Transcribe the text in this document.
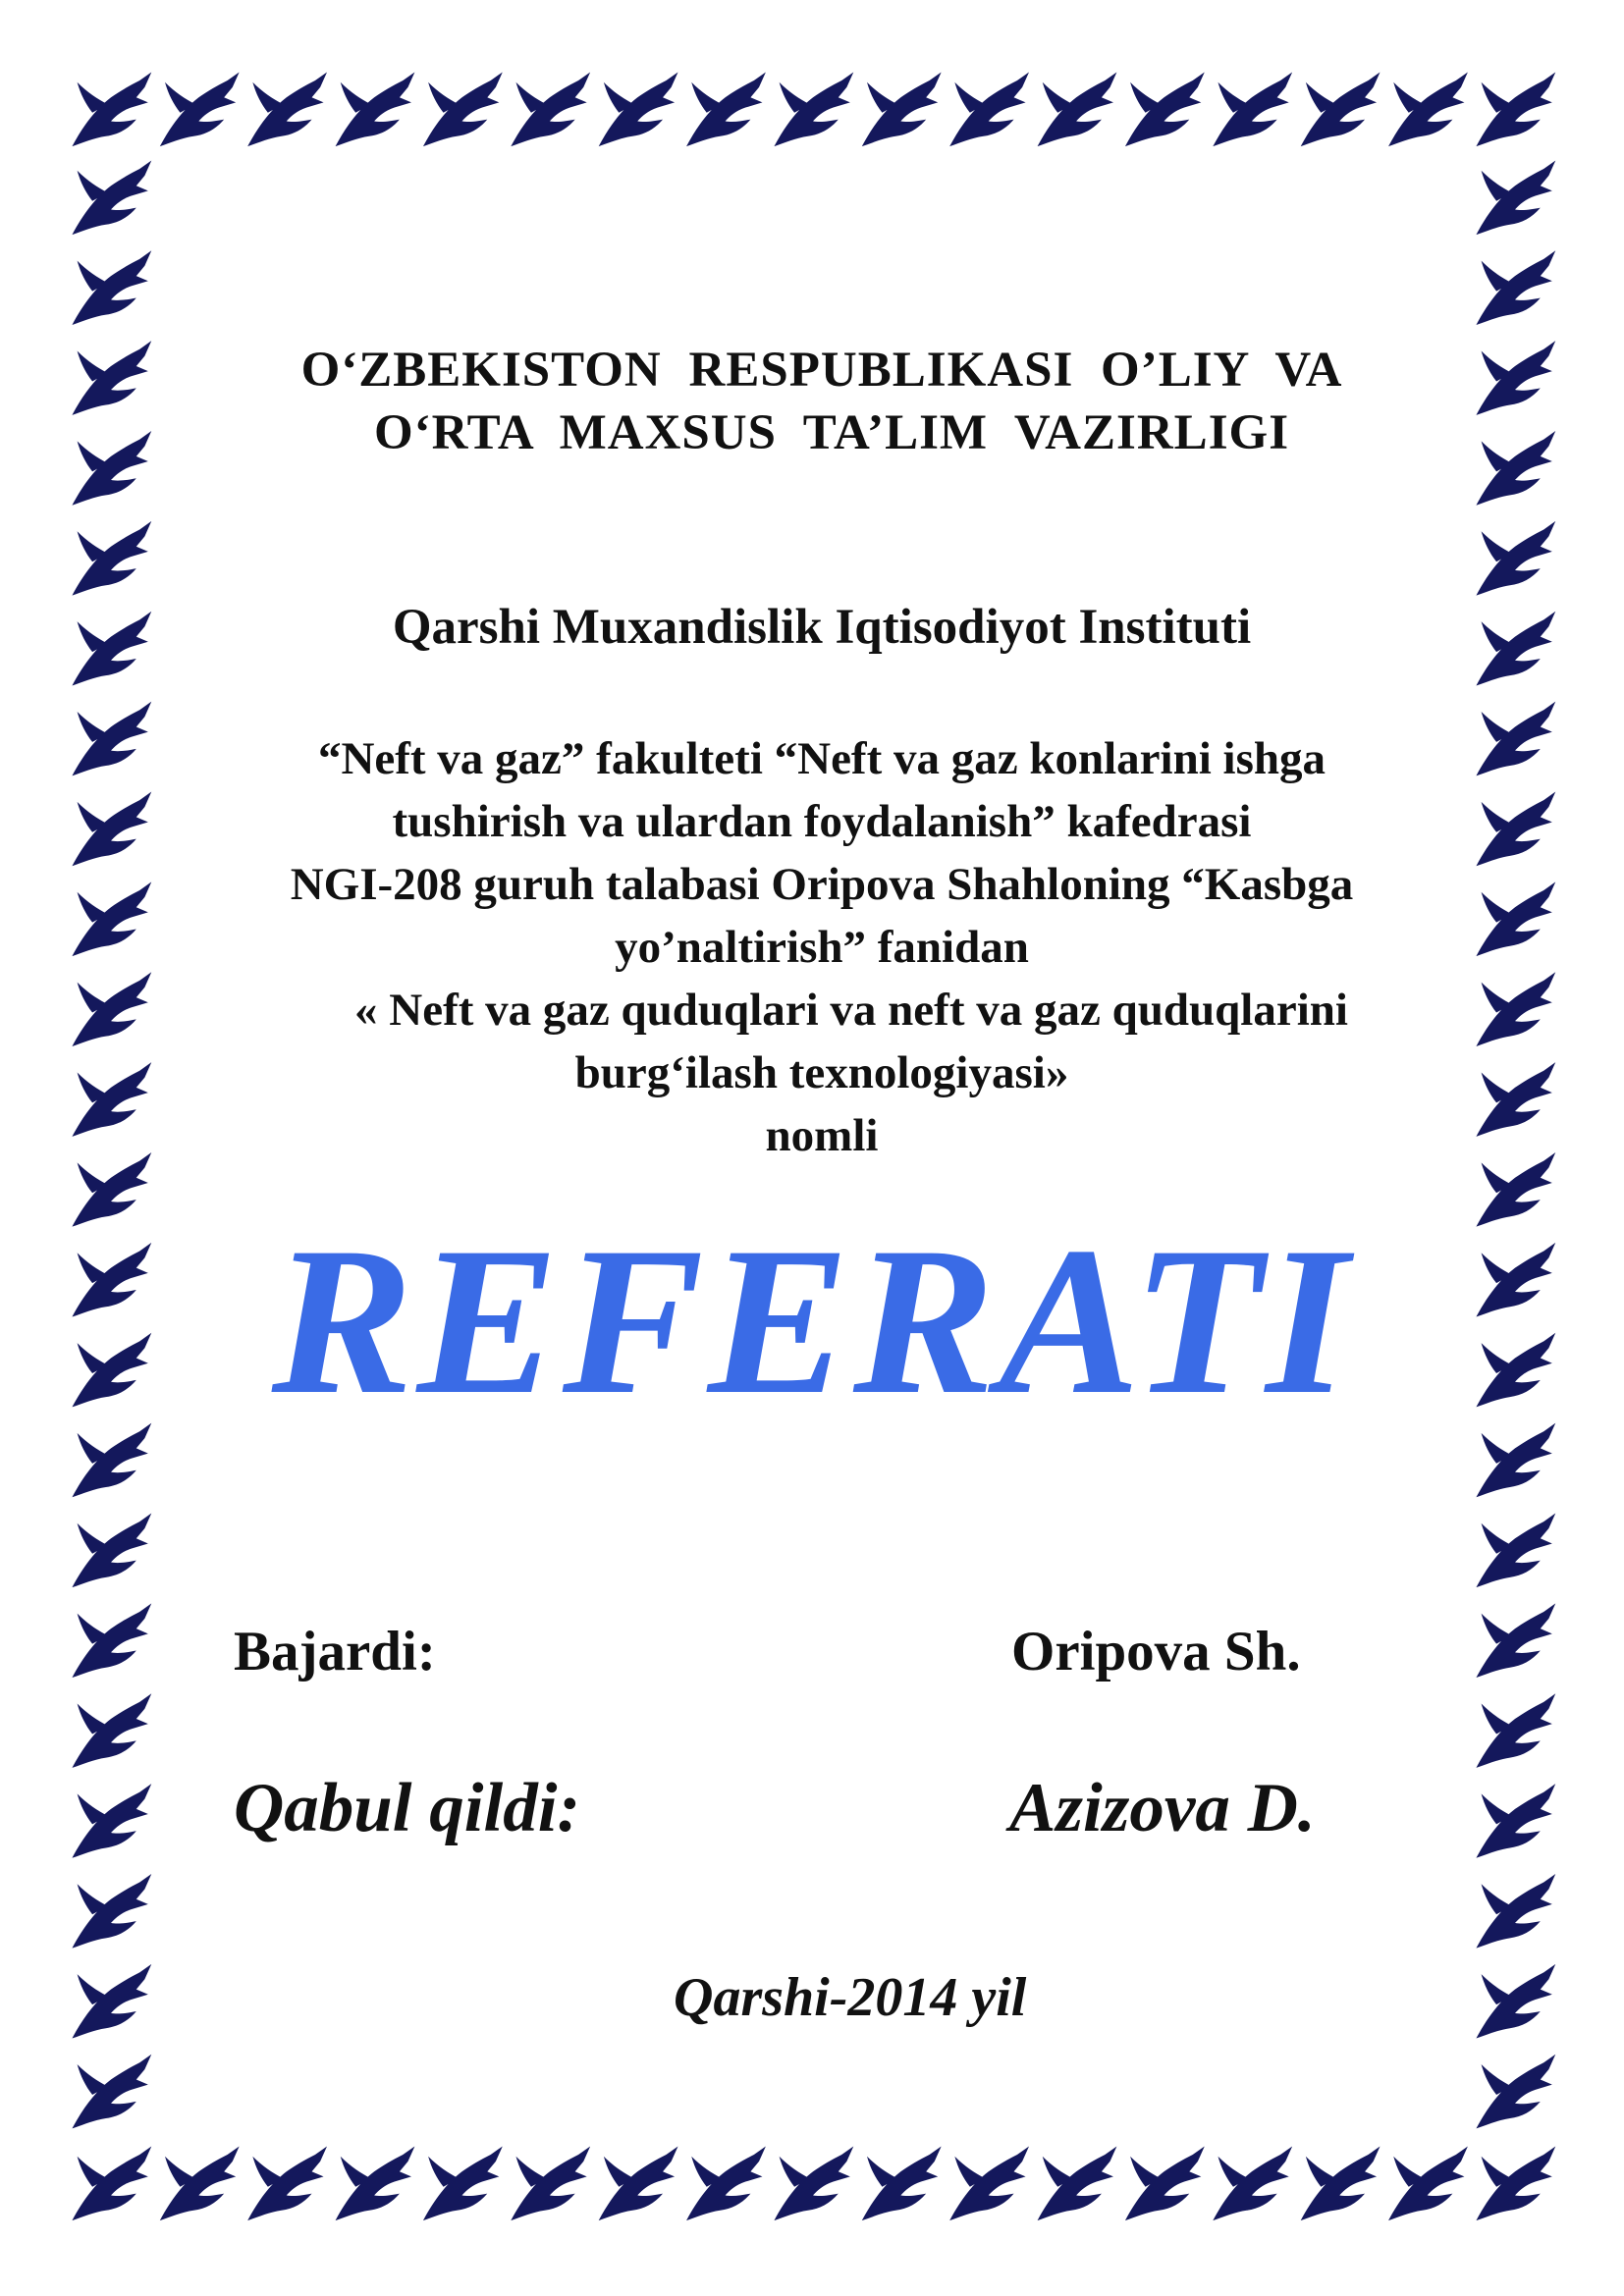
O‘ZBEKISTON RESPUBLIKASI O’LIY VA
O‘RTA MAXSUS TA’LIM VAZIRLIGI
Qarshi Muxandislik Iqtisodiyot Instituti
“Neft va gaz” fakulteti “Neft va gaz konlarini ishga
tushirish va ulardan foydalanish” kafedrasi
NGI-208 guruh talabasi Oripova Shahloning “Kasbga
yo’naltirish” fanidan
« Neft va gaz quduqlari va neft va gaz quduqlarini
burg‘ilash texnologiyasi»
nomli
REFERATI
Bajardi:	Oripova Sh.
Qabul qildi:	Azizova D.
Qarshi-2014 yil
